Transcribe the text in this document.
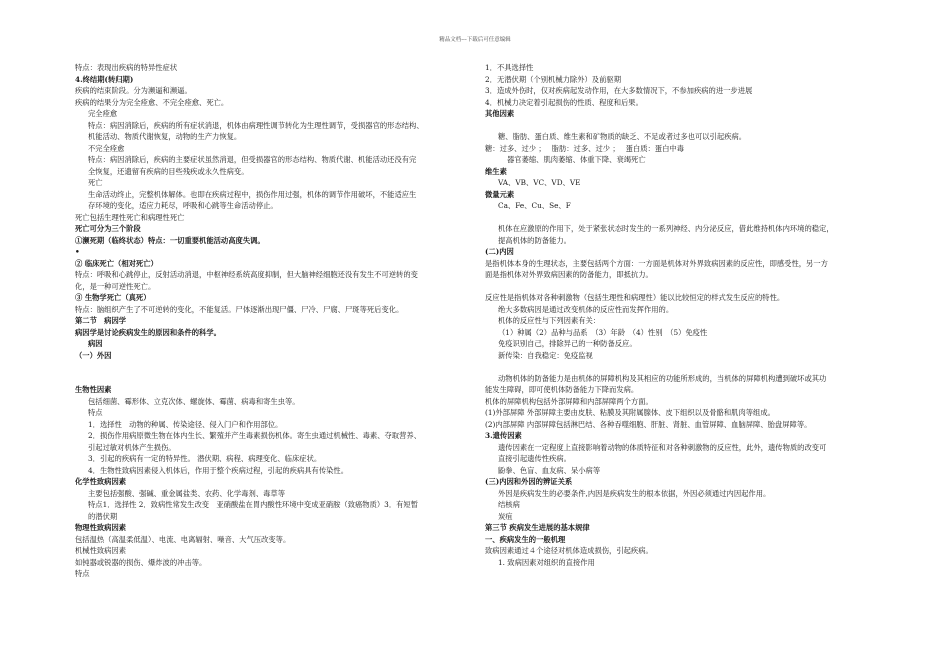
精品文档---下载后可任意编辑
特点：表现出疾病的特异性症状
4.终结期(转归期)
疾病的结束阶段。分为濒逼和濒逼。
疾病的结果分为完全痊愈、不完全痊愈、死亡。
完全痊愈
特点：病因消除后，疾病的所有症状消退，机体由病理性调节转化为生理性调节，受损器官的形态结构、
机能活动、物质代谢恢复，动物的生产力恢复。
不完全痊愈
特点：病因消除后，疾病的主要症状虽然消退，但受损器官的形态结构、物质代谢、机能活动还没有完
全恢复，还遗留有疾病的目些残疾或永久性病变。
死亡
生命活动终止，完整机体解体。也即在疾病过程中，损伤作用过强，机体的调节作用破坏，不能适应生
存环境的变化，适应力耗尽，呼吸和心跳等生命活动停止。
死亡包括生理性死亡和病理性死亡
死亡可分为三个阶段
①濒死期（临终状态）特点：一切重要机能活动高度失调。
•
② 临床死亡（相对死亡）
特点：呼吸和心跳停止，反射活动消退，中枢神经系统高度抑制，但大脑神经细胞还没有发生不可逆转的变
化，是一种可逆性死亡。
③ 生物学死亡（真死）
特点：脑组织产生了不可逆转的变化，不能复活。尸体逐渐出现尸僵、尸冷、尸腐、尸斑等死后变化。
第二节　病因学
病因学是讨论疾病发生的原因和条件的科学。
病因
（一）外因
生物性因素
包括细菌、霉形体、立克次体、螺旋体、霉菌、病毒和寄生虫等。
特点
1．选择性　动物的种属、传染途径、侵入门户和作用部位。
2．损伤作用病原微生物在体内生长、繁殖并产生毒素损伤机体。寄生虫通过机械性、毒素、夺取营养、
引起过敏对机体产生损伤。
3．引起的疾病有一定的特异性。 潜伏期、病程、病理变化、临床症状。
4．生物性致病因素侵入机体后，作用于整个疾病过程，引起的疾病具有传染性。
化学性致病因素
主要包括强酸、强碱、重金属盐类、农药、化学毒剂、毒草等
特点1．选择性 2．致病性常发生改变　亚硝酸盐在胃内酸性环境中变成亚硝胺（致癌物质）3．有短暂
的潜伏期
物理性致病因素
包括温热（高温柔低温）、电流、电离辐射、噪音、大气压改变等。
机械性致病因素
如钝器或锐器的损伤、爆炸波的冲击等。
特点
1．不具选择性
2．无潜伏期（个别机械力除外）及前驱期
3．造成外伤时，仅对疾病起发动作用，在大多数情况下，不参加疾病的进一步进展
4．机械力决定着引起损伤的性质、程度和后果。
其他因素
糖、脂肪、蛋白质、维生素和矿物质的缺乏、不足或者过多也可以引起疾病。
糖：过多、过少 ；　 脂肪：过多、过少 ；　 蛋白质：蛋白中毒
器官萎缩、肌肉萎缩、体重下降、衰竭死亡
维生素
VA、VB、VC、VD、VE
微量元素
Ca、Fe、Cu、Se、F
机体在应激原的作用下，处于紧张状态时发生的一系列神经、内分泌反应，借此维持机体内环境的稳定，
提高机体的防备能力。
(二)内因
是指机体本身的生理状态，主要包括两个方面：一方面是机体对外界致病因素的反应性，即感受性，另一方
面是指机体对外界致病因素的防备能力，即抵抗力。
反应性是指机体对各种刺激物（包括生理性和病理性）能以比较恒定的样式发生反应的特性。
绝大多数病因是通过改变机体的反应性而发挥作用的。
机体的反应性与下列因素有关：
（1）种属（2）品种与品系　（3）年龄　（4）性别　（5）免疫性
免疫识别自己，排除异己的一种防备反应。
新传染：自我稳定：免疫监视
动物机体的防备能力是由机体的屏障机构及其相应的功能所形成的，当机体的屏障机构遭到破坏或其功
能发生障碍，即可使机体防备能力下降而发病。
机体的屏障机构包括外部屏障和内部屏障两个方面。
(1)外部屏障 外部屏障主要由皮肤、粘膜及其附属腺体、皮下组织以及骨骼和肌肉等组成。
(2)内部屏障 内部屏障包括淋巴结、各种吞噬细胞、肝脏、肾脏、血管屏障、血脑屏障、胎盘屏障等。
3.遗传因素
遗传因素在一定程度上直接影响着动物的体质特征和对各种刺激物的反应性，此外，遗传物质的改变可
直接引起遗传性疾病。
鼢拳、色盲、血友病、呆小病等
(三)内因和外因的辨证关系
外因是疾病发生的必要条件,内因是疾病发生的根本依据，外因必须通过内因起作用。
结核病
炭疽
第三节 疾病发生进展的基本规律
一、疾病发生的一般机理
致病因素通过４个途径对机体造成损伤，引起疾病。
1. 致病因素对组织的直接作用
